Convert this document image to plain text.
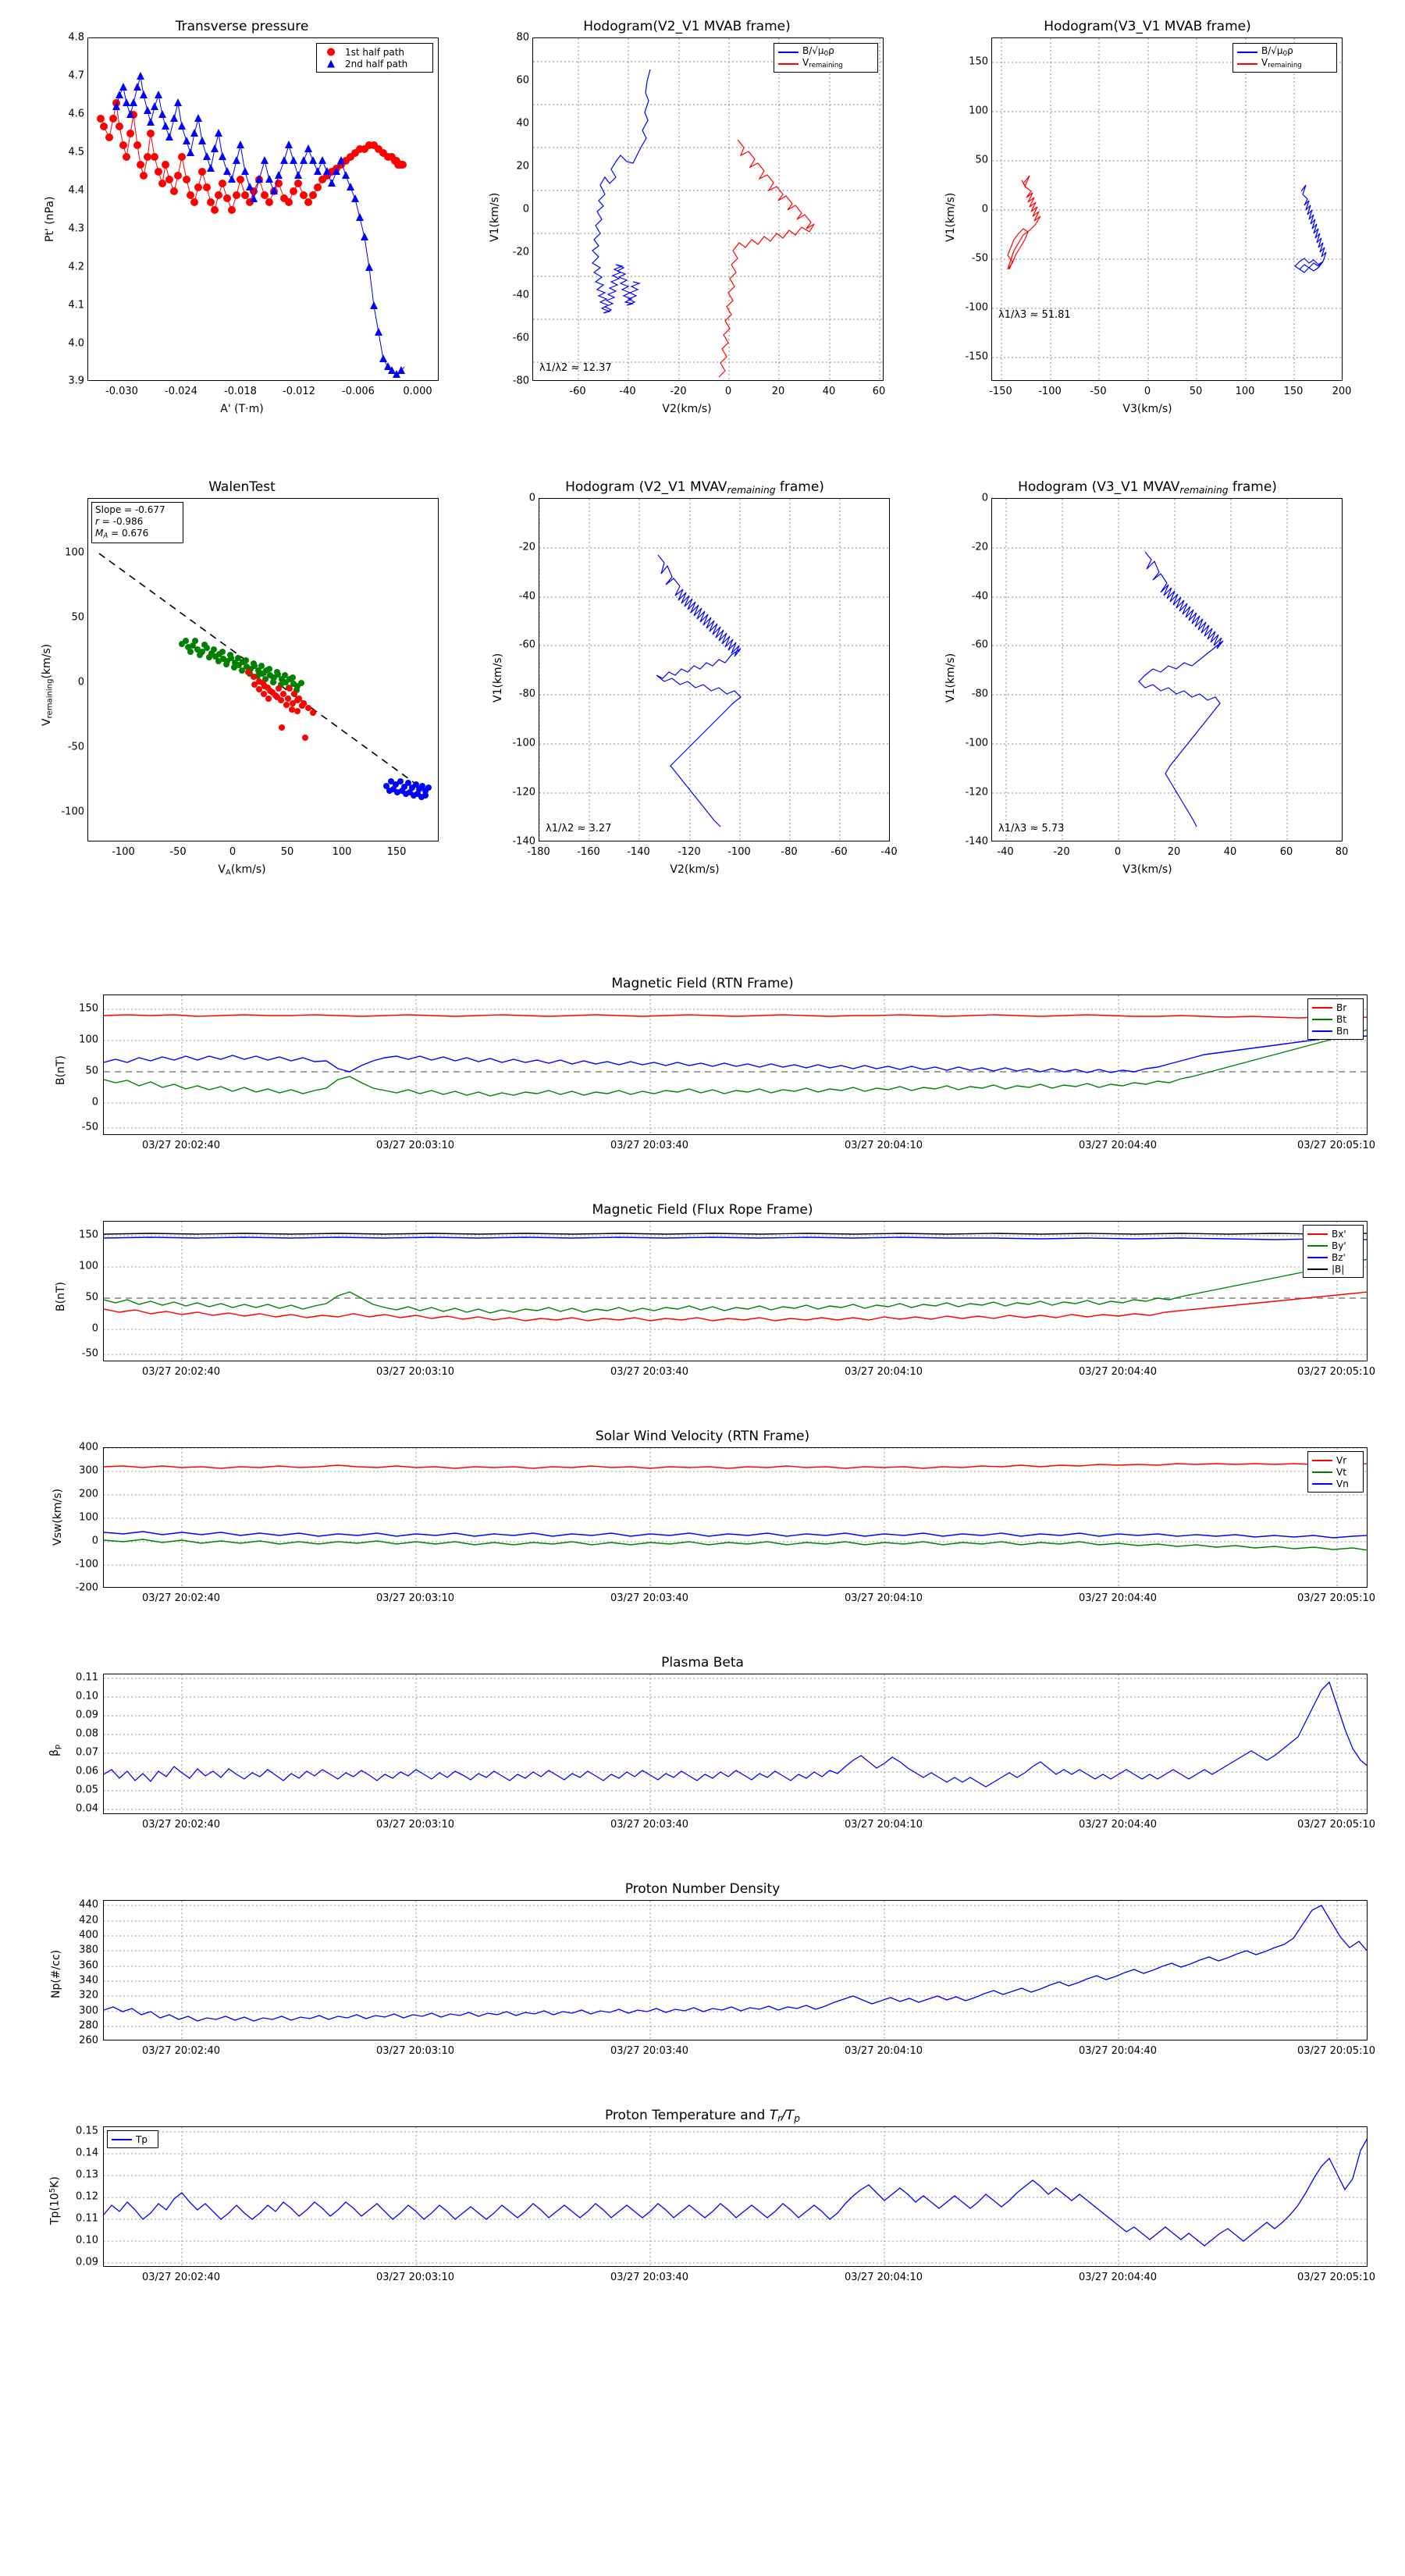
Transverse pressure
●	1st half path
▲	2nd half path
4.8
4.7
4.6
4.5
4.4
4.3
4.2
4.1
4.0
3.9
-0.030	-0.024	-0.018	-0.012	-0.006	0.000
A' (T·m)
Pt' (nPa)
Hodogram(V2_V1 MVAB frame)
$B/√\mu_0\rho$
$V_{remaining}$
λ1/λ2 ≈ 12.37
80
60
40
20
0
-20
-40
-60
-80
-60	-40	-20	0	20	40	60
V2(km/s)
V1(km/s)
Hodogram(V3_V1 MVAB frame)
$B/√\mu_0\rho$
$V_{remaining}$
λ1/λ3 ≈ 51.81
150
100
50
0
-50
-100
-150
-150	-100	-50	0	50	100	150	200
V3(km/s)
V1(km/s)
WalenTest
Slope = -0.677
r = -0.986
$M_A = 0.676$
100
50
0
-50
-100
-100	-50	0	50	100	150
$V_A(km/s)$
$V_{remaining}(km/s)$
Hodogram (V2_V1 $MVAV_{remaining}$ frame)
λ1/λ2 ≈ 3.27
0
-20
-40
-60
-80
-100
-120
-140
-180	-160	-140	-120	-100	-80	-60	-40
V2(km/s)
V1(km/s)
Hodogram (V3_V1 $MVAV_{remaining}$ frame)
λ1/λ3 ≈ 5.73
0
-20
-40
-60
-80
-100
-120
-140
-40	-20	0	20	40	60	80
V3(km/s)
V1(km/s)
Magnetic Field (RTN Frame)
Br
Bt
Bn
150
100
50
0
-50
03/27 20:02:40	03/27 20:03:10	03/27 20:03:40	03/27 20:04:10	03/27 20:04:40	03/27 20:05:10
B(nT)
Magnetic Field (Flux Rope Frame)
Bx'
By'
Bz'
|B|
150
100
50
0
-50
03/27 20:02:40	03/27 20:03:10	03/27 20:03:40	03/27 20:04:10	03/27 20:04:40	03/27 20:05:10
B(nT)
Solar Wind Velocity (RTN Frame)
Vr
Vt
Vn
400
300
200
100
0
-100
-200
03/27 20:02:40	03/27 20:03:10	03/27 20:03:40	03/27 20:04:10	03/27 20:04:40	03/27 20:05:10
Vsw(km/s)
Plasma Beta
0.11
0.10
0.09
0.08
0.07
0.06
0.05
0.04
03/27 20:02:40	03/27 20:03:10	03/27 20:03:40	03/27 20:04:10	03/27 20:04:40	03/27 20:05:10
$\beta_p$
Proton Number Density
440
420
400
380
360
340
320
300
280
260
03/27 20:02:40	03/27 20:03:10	03/27 20:03:40	03/27 20:04:10	03/27 20:04:40	03/27 20:05:10
Np(#/cc)
Proton Temperature and $T_r/T_p$
Tp
0.15
0.14
0.13
0.12
0.11
0.10
0.09
03/27 20:02:40	03/27 20:03:10	03/27 20:03:40	03/27 20:04:10	03/27 20:04:40	03/27 20:05:10
$Tp(10^5K)$
